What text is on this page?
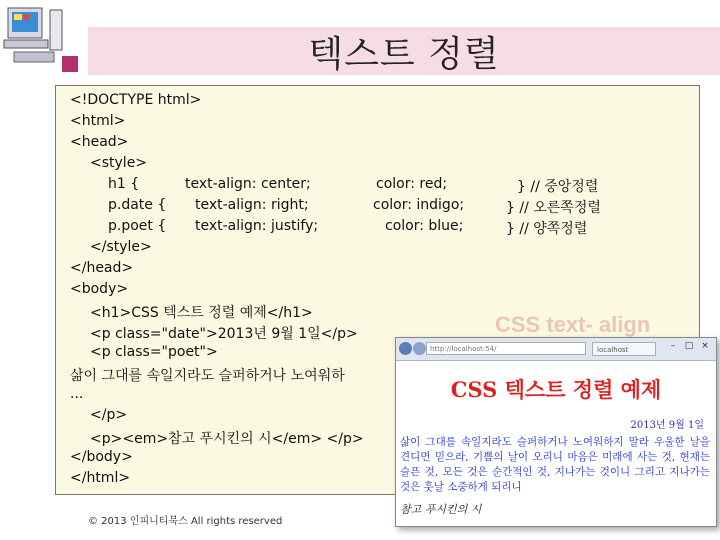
텍스트 정렬
<!DOCTYPE html>
<html>
<head>
<style>
h1 {	text-align: center;	color: red;	} // 중앙정렬
p.date { text-align: right;	color: indigo;	} // 오른쪽정렬
p.poet { text-align: justify;	color: blue;	} // 양쪽정렬
</style>
</head>
<body>
<h1>CSS 텍스트 정렬 예제</h1>
<p class="date">2013년 9월 1일</p>
<p class="poet">
삶이 그대를 속일지라도 슬퍼하거나 노여워하
...
</p>
<p><em>참고 푸시킨의 시</em> </p>
</body>
</html>
CSS text- align
http://localhost:54/	localhost	–	□ ×
CSS 텍스트 정렬 예제
2013년 9월 1일
삶이 그대를 속일지라도 슬퍼하거나 노여워하지 말라 우울한 날을 견디면 믿으라, 기쁨의 날이 오리니 마음은 미래에 사는 것, 현재는 슬픈 것, 모든 것은 순간적인 것, 지나가는 것이니 그리고 지나가는 것은 훗날 소중하게 되리니
참고 푸시킨의 시
© 2013 인피니티북스 All rights reserved
